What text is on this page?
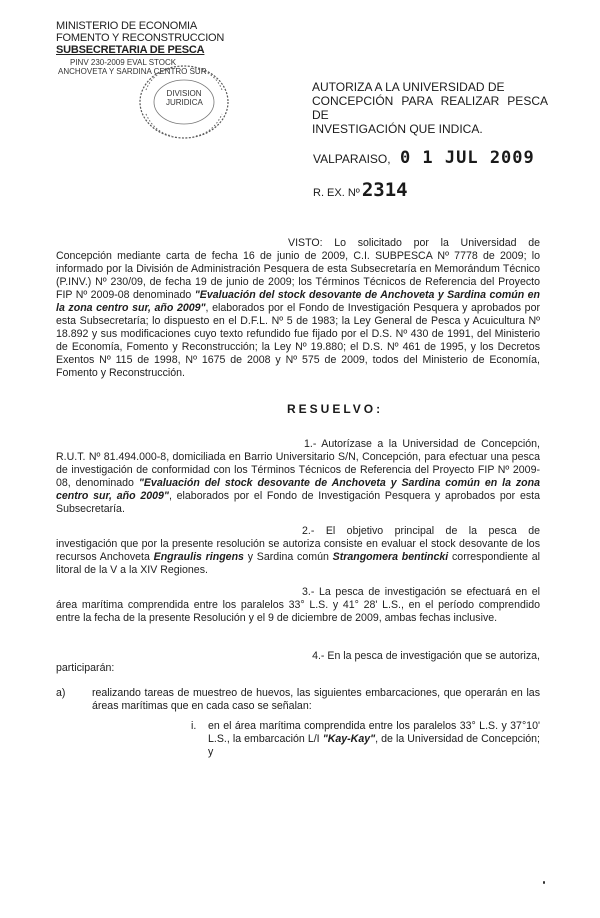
MINISTERIO DE ECONOMIA
FOMENTO Y RECONSTRUCCION
SUBSECRETARIA DE PESCA
PINV 230-2009 EVAL STOCK
ANCHOVETA Y SARDINA CENTRO SUR
DIVISION
JURIDICA
AUTORIZA A LA UNIVERSIDAD DE
CONCEPCIÓN PARA REALIZAR PESCA DE
INVESTIGACIÓN QUE INDICA.
VALPARAISO, 0 1 JUL 2009
R. EX. Nº 2314
VISTO: Lo solicitado por la Universidad de Concepción mediante carta de fecha 16 de junio de 2009, C.I. SUBPESCA Nº 7778 de 2009; lo informado por la División de Administración Pesquera de esta Subsecretaría en Memorándum Técnico (P.INV.) Nº 230/09, de fecha 19 de junio de 2009; los Términos Técnicos de Referencia del Proyecto FIP Nº 2009-08 denominado "Evaluación del stock desovante de Anchoveta y Sardina común en la zona centro sur, año 2009", elaborados por el Fondo de Investigación Pesquera y aprobados por esta Subsecretaría; lo dispuesto en el D.F.L. Nº 5 de 1983; la Ley General de Pesca y Acuicultura Nº 18.892 y sus modificaciones cuyo texto refundido fue fijado por el D.S. Nº 430 de 1991, del Ministerio de Economía, Fomento y Reconstrucción; la Ley Nº 19.880; el D.S. Nº 461 de 1995, y los Decretos Exentos Nº 115 de 1998, Nº 1675 de 2008 y Nº 575 de 2009, todos del Ministerio de Economía, Fomento y Reconstrucción.
RESUELVO:
1.- Autorízase a la Universidad de Concepción, R.U.T. Nº 81.494.000-8, domiciliada en Barrio Universitario S/N, Concepción, para efectuar una pesca de investigación de conformidad con los Términos Técnicos de Referencia del Proyecto FIP Nº 2009-08, denominado "Evaluación del stock desovante de Anchoveta y Sardina común en la zona centro sur, año 2009", elaborados por el Fondo de Investigación Pesquera y aprobados por esta Subsecretaría.
2.- El objetivo principal de la pesca de investigación que por la presente resolución se autoriza consiste en evaluar el stock desovante de los recursos Anchoveta Engraulis ringens y Sardina común Strangomera bentincki correspondiente al litoral de la V a la XIV Regiones.
3.- La pesca de investigación se efectuará en el área marítima comprendida entre los paralelos 33° L.S. y 41° 28' L.S., en el período comprendido entre la fecha de la presente Resolución y el 9 de diciembre de 2009, ambas fechas inclusive.
4.- En la pesca de investigación que se autoriza,
participarán:
a)	realizando tareas de muestreo de huevos, las siguientes embarcaciones, que operarán en las áreas marítimas que en cada caso se señalan:
i. en el área marítima comprendida entre los paralelos 33° L.S. y 37°10' L.S., la embarcación L/I "Kay-Kay", de la Universidad de Concepción; y
